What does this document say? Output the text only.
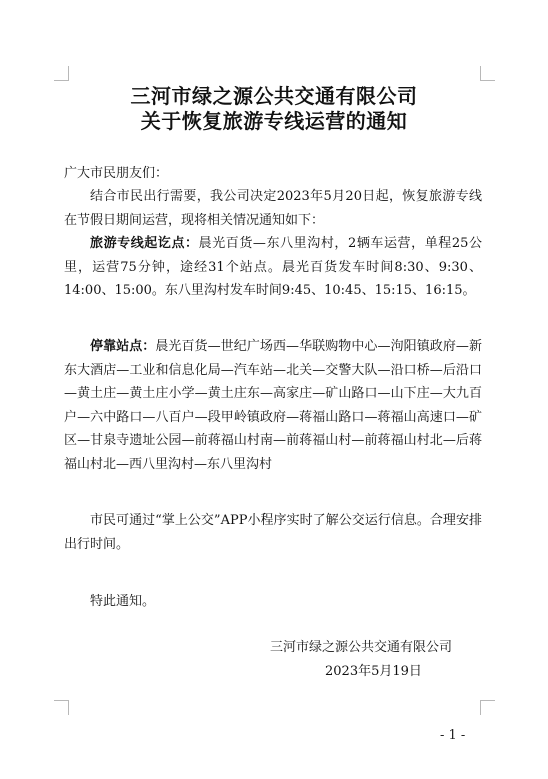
三河市绿之源公共交通有限公司
关于恢复旅游专线运营的通知

广大市民朋友们：

结合市民出行需要，我公司决定2023年5月20日起，恢复旅游专线在节假日期间运营，现将相关情况通知如下：

旅游专线起讫点：晨光百货—东八里沟村，2辆车运营，单程25公里，运营75分钟，途经31个站点。晨光百货发车时间8:30、9:30、14:00、15:00。东八里沟村发车时间9:45、10:45、15:15、16:15。

停靠站点：晨光百货—世纪广场西—华联购物中心—泃阳镇政府—新东大酒店—工业和信息化局—汽车站—北关—交警大队—沿口桥—后沿口—黄土庄—黄土庄小学—黄土庄东—高家庄—矿山路口—山下庄—大九百户—六中路口—八百户—段甲岭镇政府—蒋福山路口—蒋福山高速口—矿区—甘泉寺遗址公园—前蒋福山村南—前蒋福山村—前蒋福山村北—后蒋福山村北—西八里沟村—东八里沟村

市民可通过“掌上公交”APP小程序实时了解公交运行信息。合理安排出行时间。

特此通知。

三河市绿之源公共交通有限公司
2023年5月19日
- 1 -
